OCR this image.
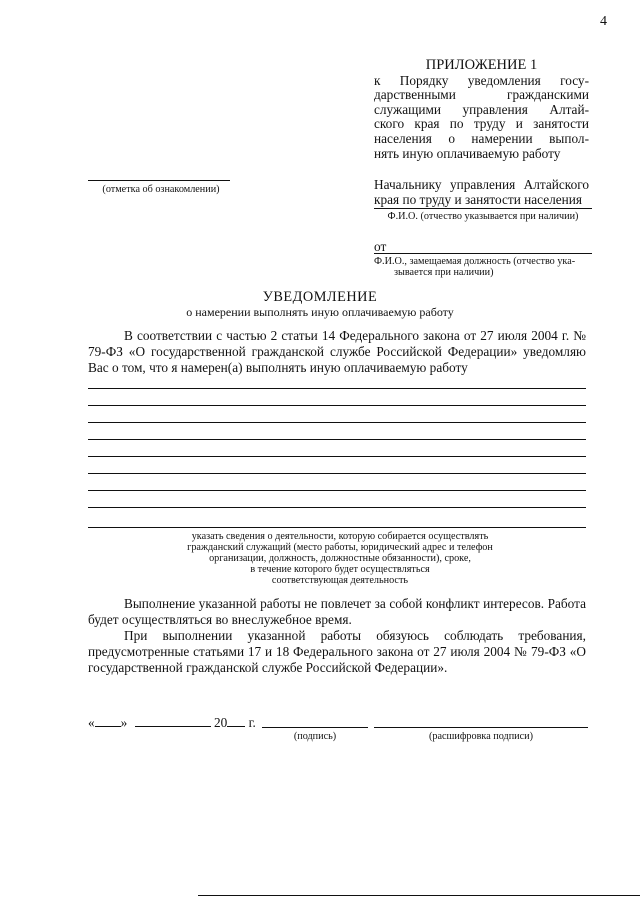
4
ПРИЛОЖЕНИЕ 1
к Порядку уведомления госу-
дарственными гражданскими
служащими управления Алтай-
ского края по труду и занятости
населения о намерении выпол-
нять иную оплачиваемую работу
(отметка об ознакомлении)	Начальнику управления Алтайского
края по труду и занятости населения
Ф.И.О. (отчество указывается при наличии)
от
Ф.И.О., замещаемая должность (отчество ука-
зывается при наличии)
УВЕДОМЛЕНИЕ
о намерении выполнять иную оплачиваемую работу
В соответствии с частью 2 статьи 14 Федерального закона от 27 июля 2004 г. № 79-ФЗ «О государственной гражданской службе Российской Федерации» уведомляю Вас о том, что я намерен(а) выполнять иную оплачиваемую работу
указать сведения о деятельности, которую собирается осуществлять
гражданский служащий (место работы, юридический адрес и телефон
организации, должность, должностные обязанности), сроке,
в течение которого будет осуществляться
соответствующая деятельность
Выполнение указанной работы не повлечет за собой конфликт интересов. Работа будет осуществляться во внеслужебное время.
При выполнении указанной работы обязуюсь соблюдать требования, предусмотренные статьями 17 и 18 Федерального закона от 27 июля 2004 № 79-ФЗ «О государственной гражданской службе Российской Федерации».
« »	20 г.
(подпись)	(расшифровка подписи)
